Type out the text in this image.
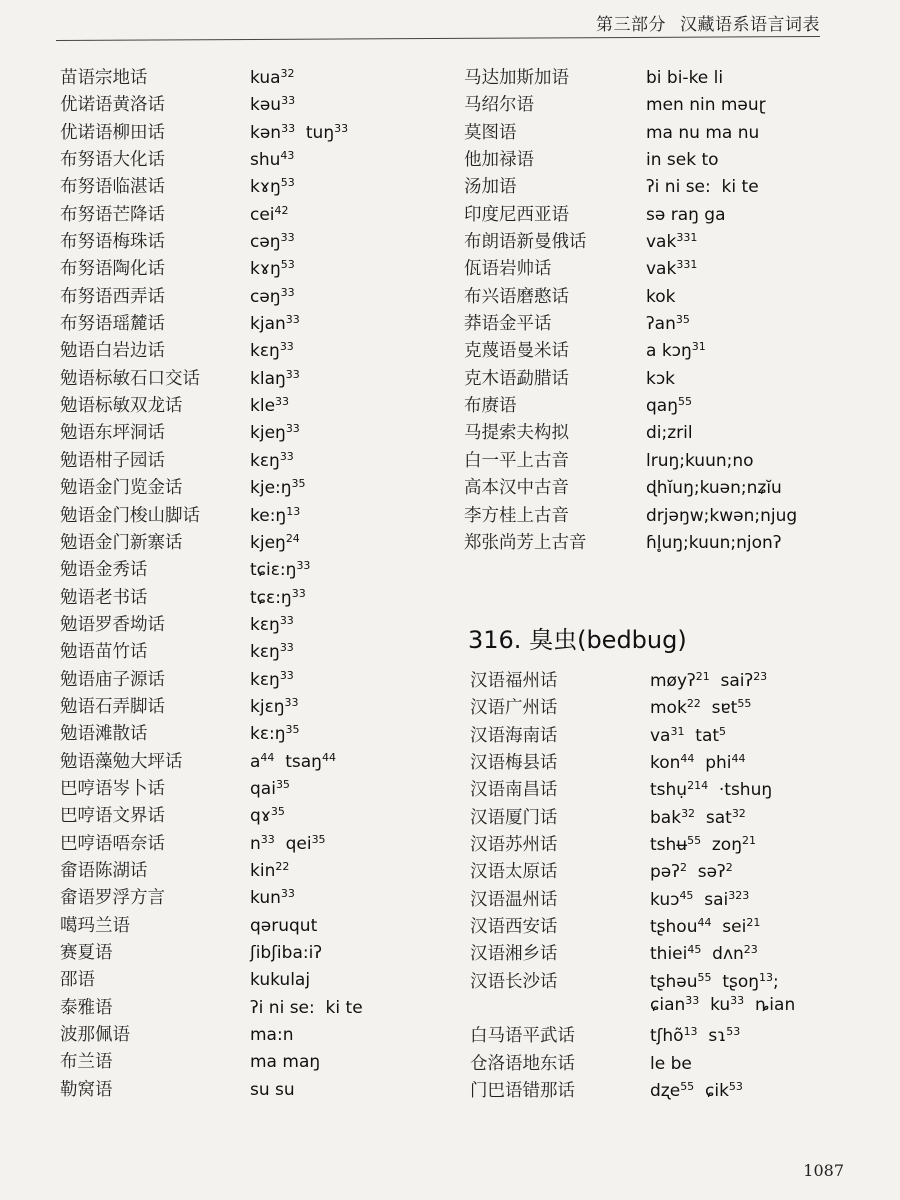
第三部分 汉藏语系语言词表
苗语宗地话	kua$^{32}$
优诺语黄洛话	kəu$^{33}$
优诺语柳田话	kən$^{33}$  tuŋ$^{33}$
布努语大化话	shu$^{43}$
布努语临湛话	kɤŋ$^{53}$
布努语芒降话	cei$^{42}$
布努语梅珠话	cəŋ$^{33}$
布努语陶化话	kɤŋ$^{53}$
布努语西弄话	cəŋ$^{33}$
布努语瑶麓话	kjan$^{33}$
勉语白岩边话	kɛŋ$^{33}$
勉语标敏石口交话	klaŋ$^{33}$
勉语标敏双龙话	kle$^{33}$
勉语东坪洞话	kjeŋ$^{33}$
勉语柑子园话	kɛŋ$^{33}$
勉语金门览金话	$kje:ŋ^{35}$
勉语金门梭山脚话	$ke:ŋ^{13}$
勉语金门新寨话	kjeŋ$^{24}$
勉语金秀话	$tɕiɛ:ŋ^{33}$
勉语老书话	$tɕɛ:ŋ^{33}$
勉语罗香坳话	kɛŋ$^{33}$
勉语苗竹话	kɛŋ$^{33}$
勉语庙子源话	kɛŋ$^{33}$
勉语石弄脚话	kjɛŋ$^{33}$
勉语滩散话	$kɛ:ŋ^{35}$
勉语藻勉大坪话	$a^{44}$  tsaŋ$^{44}$
巴哼语岑卜话	qai$^{35}$
巴哼语文界话	qɤ$^{35}$
巴哼语唔奈话	$n^{33}$  qei$^{35}$
畲语陈湖话	kin$^{22}$
畲语罗浮方言	kun$^{33}$
噶玛兰语	qəruqut
赛夏语	ʃibʃiba:iʔ
邵语	kukulaj
泰雅语	ʔi ni se:  ki te
波那佩语	ma:n
布兰语	ma maŋ
勒窝语	su su
马达加斯加语	bi bi-ke li
马绍尔语	men nin məuɽ
莫图语	ma nu ma nu
他加禄语	in sek to
汤加语	ʔi ni se:  ki te
印度尼西亚语	sə raŋ ga
布朗语新曼俄话	vak$^{331}$
佤语岩帅话	vak$^{331}$
布兴语磨憨话	kok
莽语金平话	ʔan$^{35}$
克蔑语曼米话	a kɔŋ$^{31}$
克木语勐腊话	kɔk
布赓语	qaŋ$^{55}$
马提索夫构拟	di;zril
白一平上古音	lruŋ;kuun;no
高本汉中古音	ɖhĭuŋ;kuən;nʑĭu
李方桂上古音	drjəŋw;kwən;njug
郑张尚芳上古音	ɦl̥uŋ;kuun;njonʔ
316. 臭虫(bedbug)
汉语福州话	møyʔ$^{21}$  saiʔ$^{23}$
汉语广州话	mok$^{22}$  sɐt$^{55}$
汉语海南话	$va^{31}$  tat$^5$
汉语梅县话	kon$^{44}$  phi$^{44}$
汉语南昌话	tshụ$^{214}$  ·tshuŋ
汉语厦门话	bak$^{32}$  sat$^{32}$
汉语苏州话	tshʉ$^{55}$  zoŋ$^{21}$
汉语太原话	pəʔ$^2$  səʔ$^2$
汉语温州话	kuɔ$^{45}$  sai$^{323}$
汉语西安话	tʂhou$^{44}$  sei$^{21}$
汉语湘乡话	thiei$^{45}$  dʌn$^{23}$
汉语长沙话	tʂhəu$^{55}$  tʂoŋ$^{13}$;
ɕian$^{33}$  $ku^{33}$  ȵian
白马语平武话	tʃhõ$^{13}$  sɿ$^{53}$
仓洛语地东话	le be
门巴语错那话	dʐe$^{55}$  ɕik$^{53}$
1087
